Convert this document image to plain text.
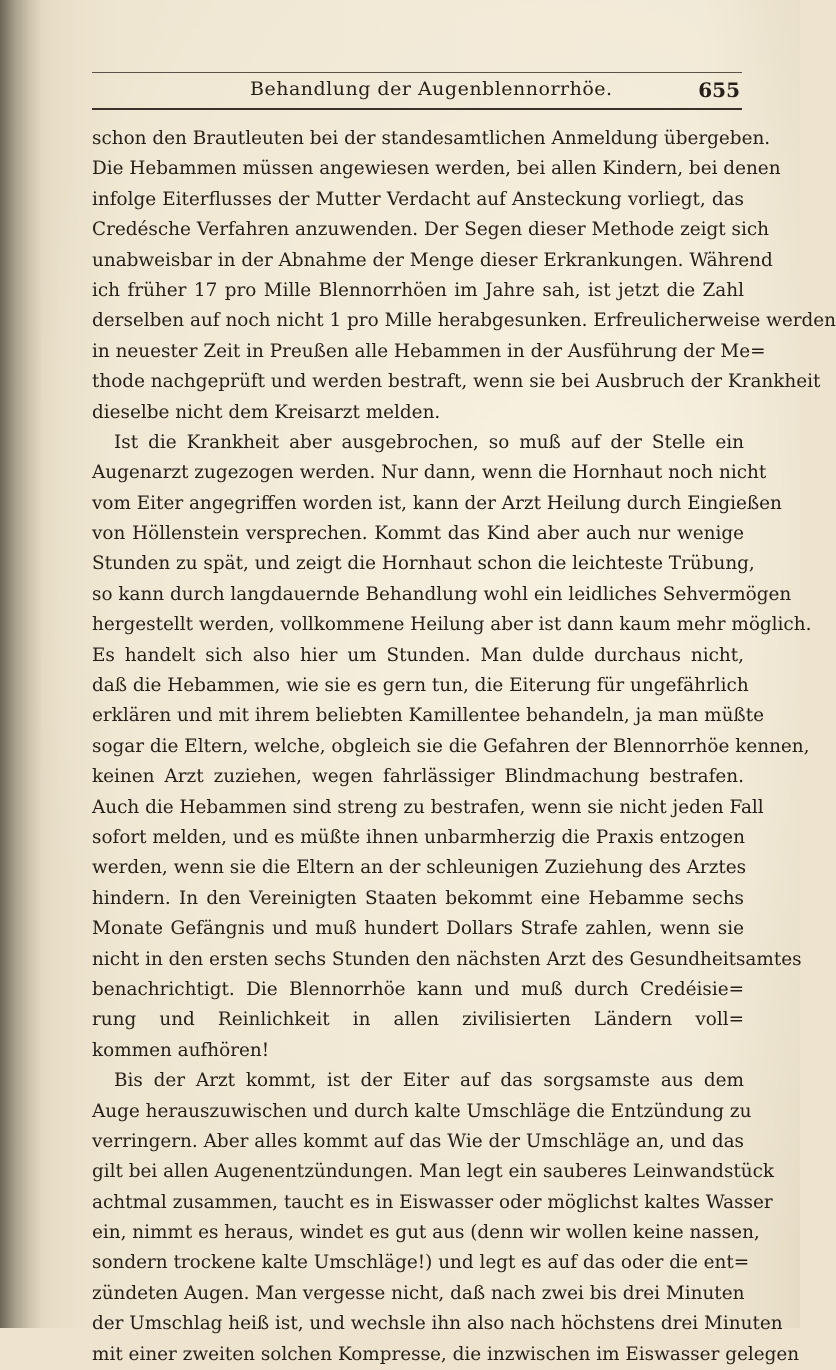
Behandlung der Augenblennorrhöe.	655
schon den Brautleuten bei der standesamtlichen Anmeldung übergeben.
Die Hebammen müssen angewiesen werden, bei allen Kindern, bei denen
infolge Eiterflusses der Mutter Verdacht auf Ansteckung vorliegt, das
Credésche Verfahren anzuwenden. Der Segen dieser Methode zeigt sich
unabweisbar in der Abnahme der Menge dieser Erkrankungen. Während
ich früher 17 pro Mille Blennorrhöen im Jahre sah, ist jetzt die Zahl
derselben auf noch nicht 1 pro Mille herabgesunken. Erfreulicherweise werden
in neuester Zeit in Preußen alle Hebammen in der Ausführung der Me=
thode nachgeprüft und werden bestraft, wenn sie bei Ausbruch der Krankheit
dieselbe nicht dem Kreisarzt melden.
Ist die Krankheit aber ausgebrochen, so muß auf der Stelle ein
Augenarzt zugezogen werden. Nur dann, wenn die Hornhaut noch nicht
vom Eiter angegriffen worden ist, kann der Arzt Heilung durch Eingießen
von Höllenstein versprechen. Kommt das Kind aber auch nur wenige
Stunden zu spät, und zeigt die Hornhaut schon die leichteste Trübung,
so kann durch langdauernde Behandlung wohl ein leidliches Sehvermögen
hergestellt werden, vollkommene Heilung aber ist dann kaum mehr möglich.
Es handelt sich also hier um Stunden. Man dulde durchaus nicht,
daß die Hebammen, wie sie es gern tun, die Eiterung für ungefährlich
erklären und mit ihrem beliebten Kamillentee behandeln, ja man müßte
sogar die Eltern, welche, obgleich sie die Gefahren der Blennorrhöe kennen,
keinen Arzt zuziehen, wegen fahrlässiger Blindmachung bestrafen.
Auch die Hebammen sind streng zu bestrafen, wenn sie nicht jeden Fall
sofort melden, und es müßte ihnen unbarmherzig die Praxis entzogen
werden, wenn sie die Eltern an der schleunigen Zuziehung des Arztes
hindern. In den Vereinigten Staaten bekommt eine Hebamme sechs
Monate Gefängnis und muß hundert Dollars Strafe zahlen, wenn sie
nicht in den ersten sechs Stunden den nächsten Arzt des Gesundheitsamtes
benachrichtigt. Die Blennorrhöe kann und muß durch Credéisie=
rung und Reinlichkeit in allen zivilisierten Ländern voll=
kommen aufhören!
Bis der Arzt kommt, ist der Eiter auf das sorgsamste aus dem
Auge herauszuwischen und durch kalte Umschläge die Entzündung zu
verringern. Aber alles kommt auf das Wie der Umschläge an, und das
gilt bei allen Augenentzündungen. Man legt ein sauberes Leinwandstück
achtmal zusammen, taucht es in Eiswasser oder möglichst kaltes Wasser
ein, nimmt es heraus, windet es gut aus (denn wir wollen keine nassen,
sondern trockene kalte Umschläge!) und legt es auf das oder die ent=
zündeten Augen. Man vergesse nicht, daß nach zwei bis drei Minuten
der Umschlag heiß ist, und wechsle ihn also nach höchstens drei Minuten
mit einer zweiten solchen Kompresse, die inzwischen im Eiswasser gelegen
